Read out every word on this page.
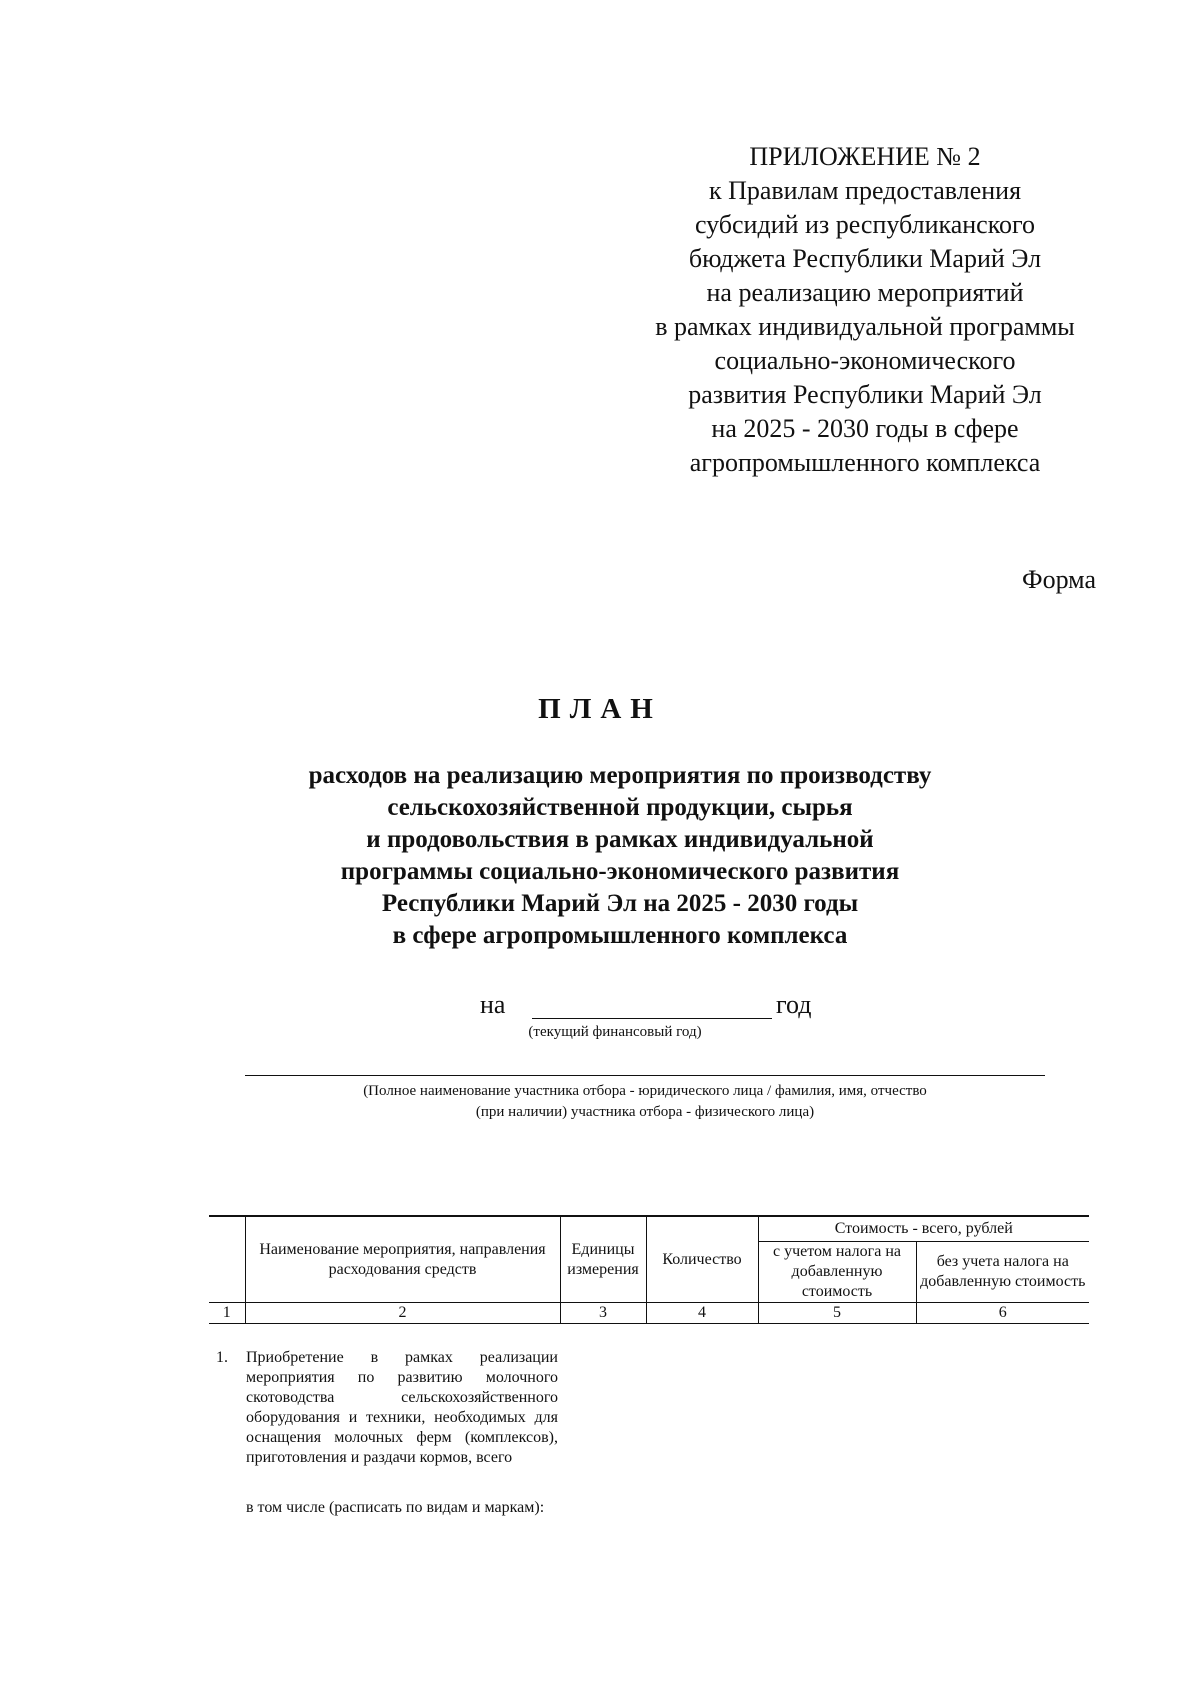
ПРИЛОЖЕНИЕ № 2
к Правилам предоставления
субсидий из республиканского
бюджета Республики Марий Эл
на реализацию мероприятий
в рамках индивидуальной программы
социально-экономического
развития Республики Марий Эл
на 2025 - 2030 годы в сфере
агропромышленного комплекса
Форма
ПЛАН
расходов на реализацию мероприятия по производству
сельскохозяйственной продукции, сырья
и продовольствия в рамках индивидуальной
программы социально-экономического развития
Республики Марий Эл на 2025 - 2030 годы
в сфере агропромышленного комплекса
на	год
(текущий финансовый год)
(Полное наименование участника отбора - юридического лица / фамилия, имя, отчество
(при наличии) участника отбора - физического лица)
	Наименование мероприятия, направления расходования средств	Единицы измерения	Количество	Стоимость - всего, рублей	
				с учетом налога на добавленную стоимость	без учета налога на добавленную стоимость
1	2	3	4	5	6
1. Приобретение в рамках реализации мероприятия по развитию молочного скотоводства сельскохозяйственного оборудования и техники, необходимых для оснащения молочных ферм (комплексов), приготовления и раздачи кормов, всего

в том числе (расписать по видам и маркам):
